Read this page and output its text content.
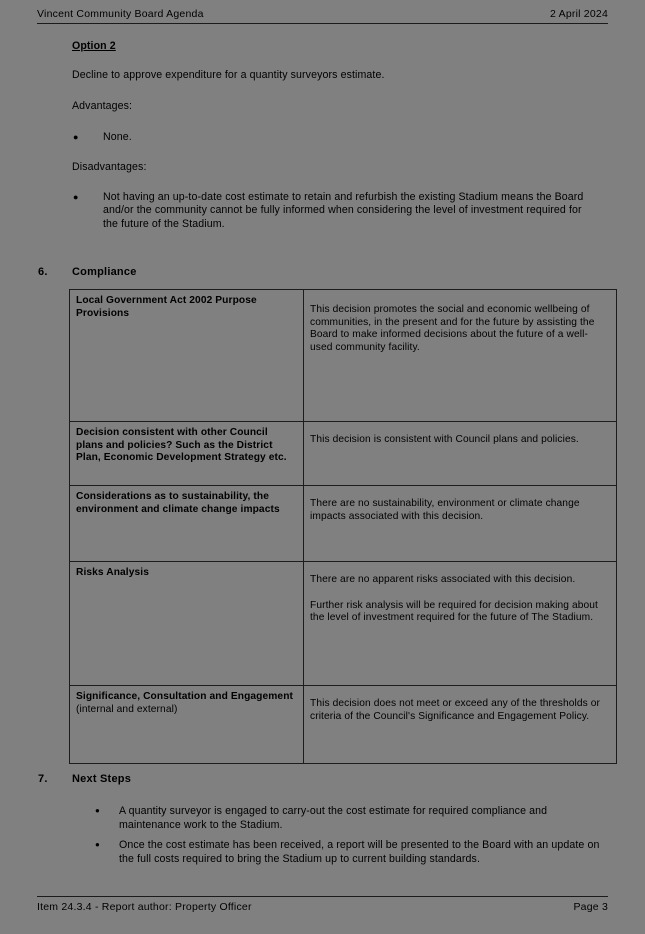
Vincent Community Board Agenda	2 April 2024
Option 2
Decline to approve expenditure for a quantity surveyors estimate.
Advantages:
●	None.
Disadvantages:
●	Not having an up-to-date cost estimate to retain and refurbish the existing Stadium means the Board and/or the community cannot be fully informed when considering the level of investment required for the future of the Stadium.
6. Compliance
Local Government Act 2002 Purpose Provisions	This decision promotes the social and economic wellbeing of communities, in the present and for the future by assisting the Board to make informed decisions about the future of a well-used community facility.

Decision consistent with other Council plans and policies? Such as the District Plan, Economic Development Strategy etc.	This decision is consistent with Council plans and policies.

Considerations as to sustainability, the environment and climate change impacts	There are no sustainability, environment or climate change impacts associated with this decision.

Risks Analysis	There are no apparent risks associated with this decision.

Further risk analysis will be required for decision making about the level of investment required for the future of The Stadium.

Significance, Consultation and Engagement (internal and external)	This decision does not meet or exceed any of the thresholds or criteria of the Council's Significance and Engagement Policy.

7. Next Steps
●	A quantity surveyor is engaged to carry-out the cost estimate for required compliance and maintenance work to the Stadium.
●	Once the cost estimate has been received, a report will be presented to the Board with an update on the full costs required to bring the Stadium up to current building standards.
Item 24.3.4 - Report author: Property Officer	Page 3
